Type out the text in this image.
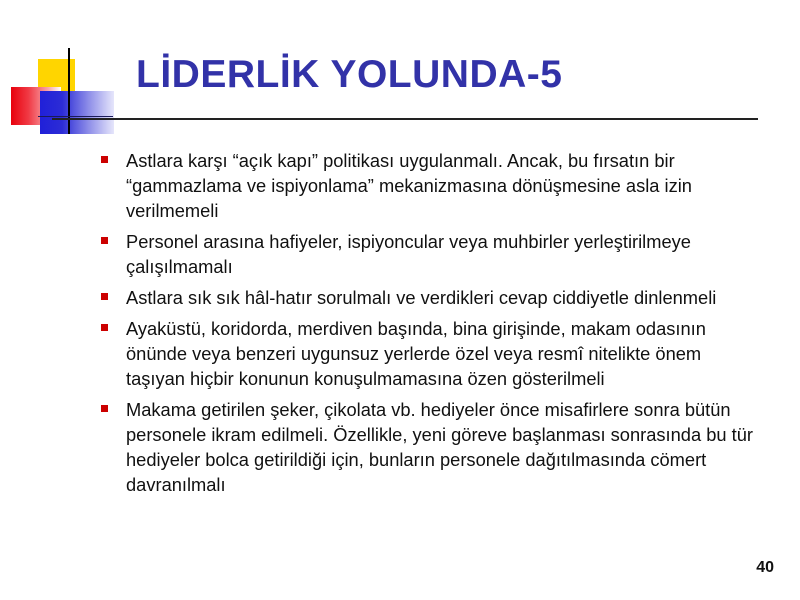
LİDERLİK YOLUNDA-5
Astlara karşı “açık kapı” politikası uygulanmalı. Ancak, bu fırsatın bir “gammazlama ve ispiyonlama” mekanizmasına dönüşmesine asla izin verilmemeli
Personel arasına hafiyeler, ispiyoncular veya muhbirler yerleştirilmeye çalışılmamalı
Astlara sık sık hâl-hatır sorulmalı ve verdikleri cevap ciddiyetle dinlenmeli
Ayaküstü, koridorda, merdiven başında, bina girişinde, makam odasının önünde veya benzeri uygunsuz yerlerde özel veya resmî nitelikte önem taşıyan hiçbir konunun konuşulmamasına özen gösterilmeli
Makama getirilen şeker, çikolata vb. hediyeler önce misafirlere sonra bütün personele ikram edilmeli. Özellikle, yeni göreve başlanması sonrasında bu tür hediyeler bolca getirildiği için, bunların personele dağıtılmasında cömert davranılmalı
40
